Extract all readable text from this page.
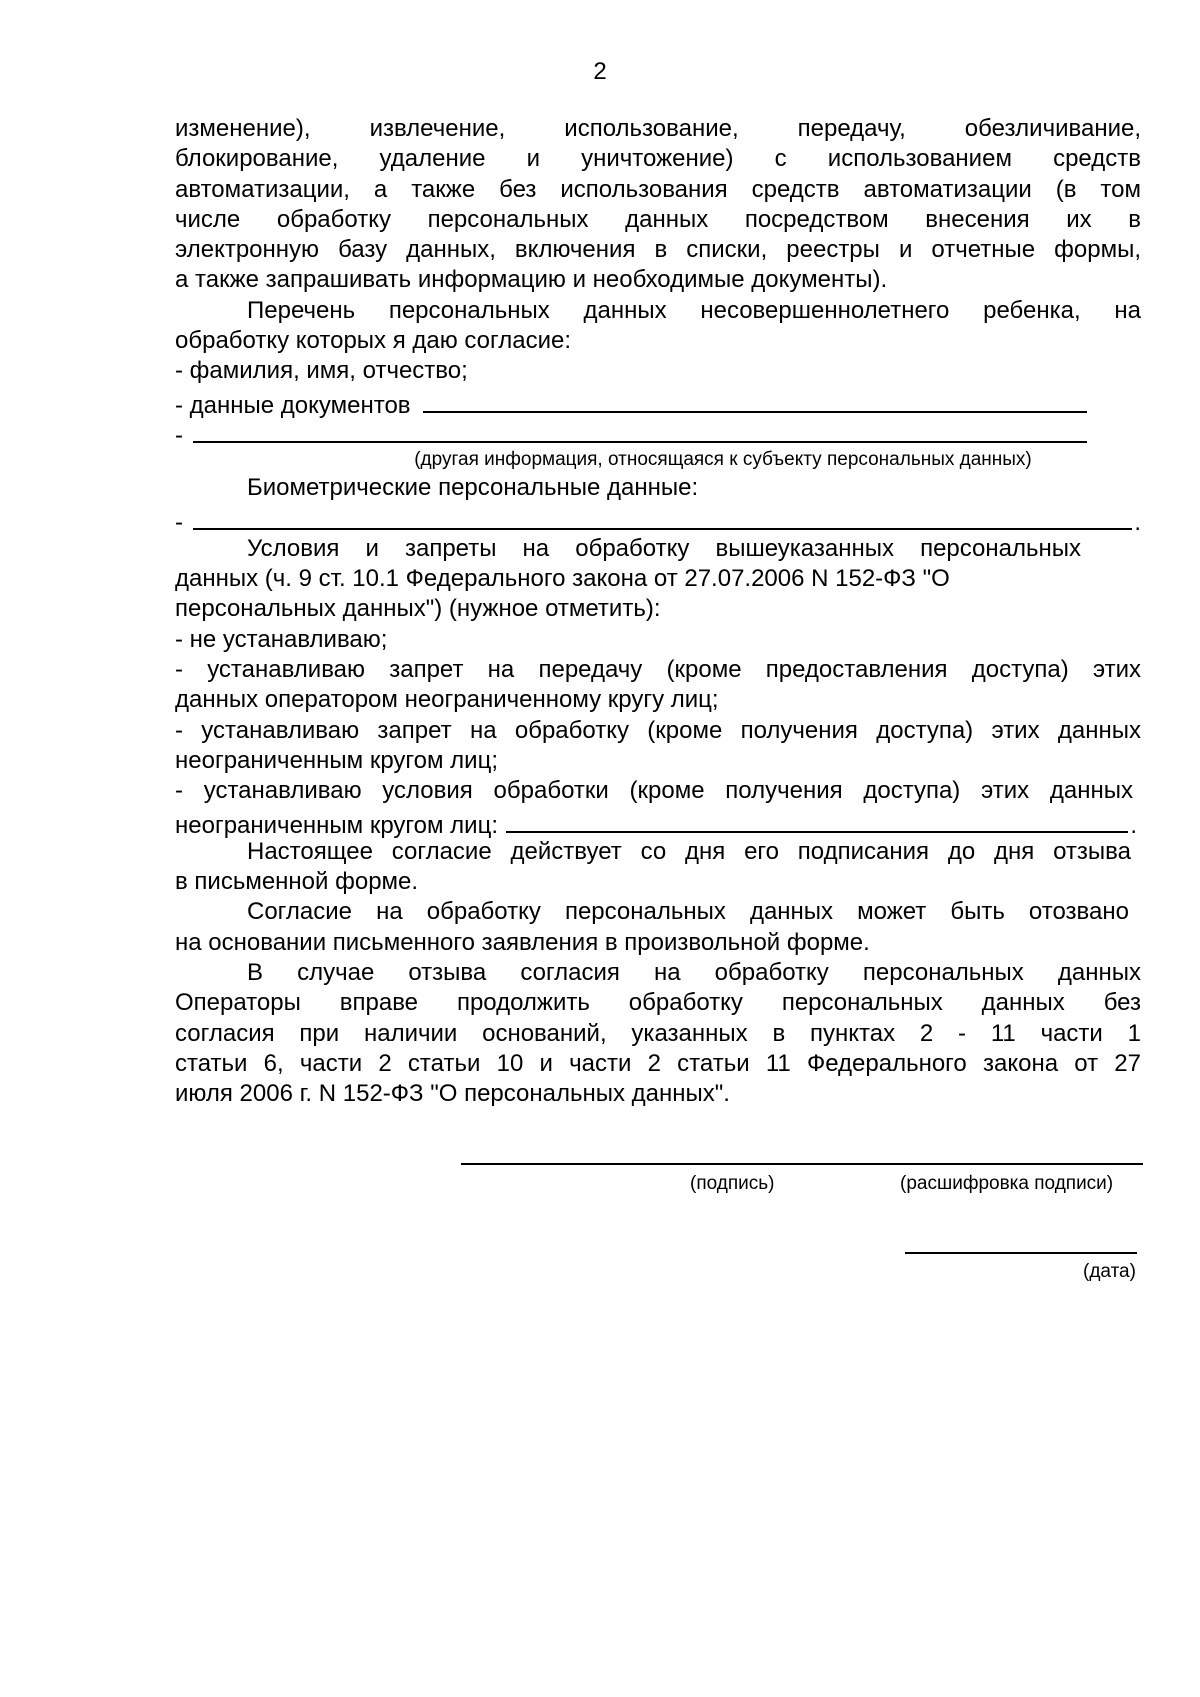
2
изменение), извлечение, использование, передачу, обезличивание,
блокирование, удаление и уничтожение) с использованием средств
автоматизации, а также без использования средств автоматизации (в том
числе обработку персональных данных посредством внесения их в
электронную базу данных, включения в списки, реестры и отчетные формы,
а также запрашивать информацию и необходимые документы).
Перечень персональных данных несовершеннолетнего ребенка, на
обработку которых я даю согласие:
- фамилия, имя, отчество;
- данные документов
-
(другая информация, относящаяся к субъекту персональных данных)
Биометрические персональные данные:
-	.
Условия и запреты на обработку вышеуказанных персональных
данных (ч. 9 ст. 10.1 Федерального закона от 27.07.2006 N 152-ФЗ "О
персональных данных") (нужное отметить):
- не устанавливаю;
- устанавливаю запрет на передачу (кроме предоставления доступа) этих
данных оператором неограниченному кругу лиц;
- устанавливаю запрет на обработку (кроме получения доступа) этих данных
неограниченным кругом лиц;
- устанавливаю условия обработки (кроме получения доступа) этих данных
неограниченным кругом лиц:	.
Настоящее согласие действует со дня его подписания до дня отзыва
в письменной форме.
Согласие на обработку персональных данных может быть отозвано
на основании письменного заявления в произвольной форме.
В случае отзыва согласия на обработку персональных данных
Операторы вправе продолжить обработку персональных данных без
согласия при наличии оснований, указанных в пунктах 2 - 11 части 1
статьи 6, части 2 статьи 10 и части 2 статьи 11 Федерального закона от 27
июля 2006 г. N 152-ФЗ "О персональных данных".
(подпись)	(расшифровка подписи)
(дата)
